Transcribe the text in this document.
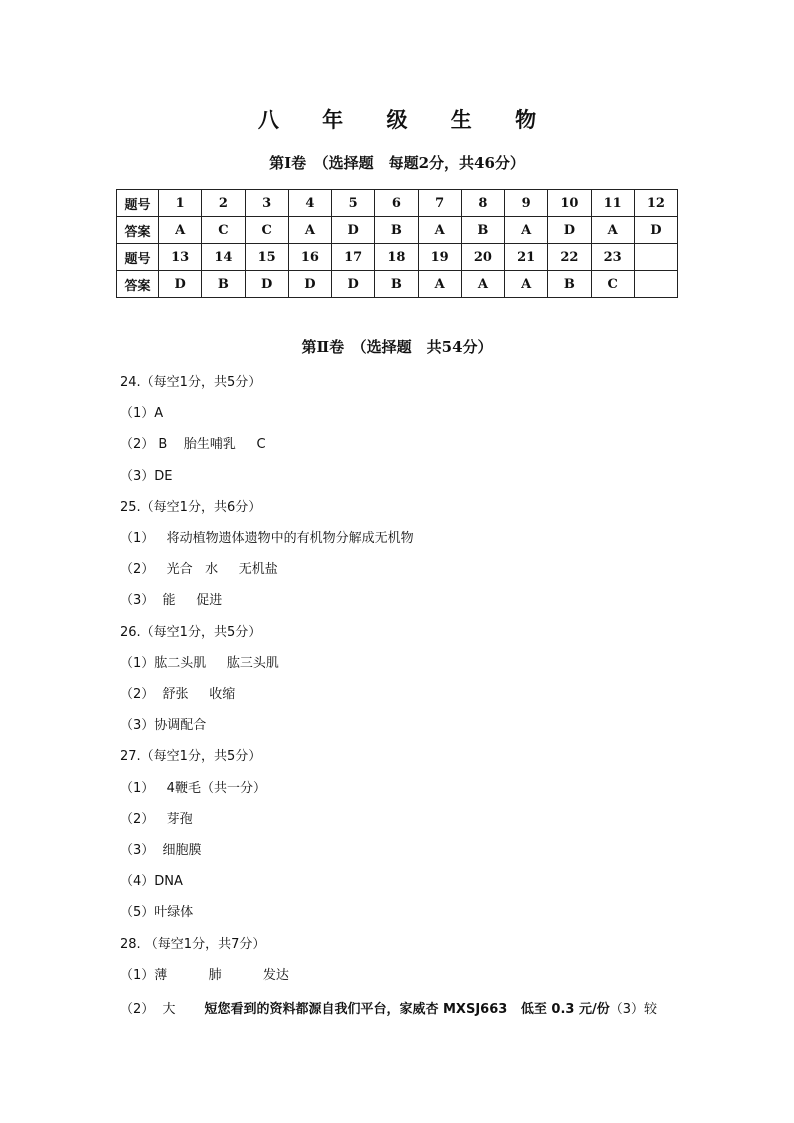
八 年 级 生 物
第Ⅰ卷　（选择题　每题2分，共46分）
题号	1	2	3	4	5	6	7	8	9	10	11	12
答案	A	C	C	A	D	B	A	B	A	D	A	D
题号	13	14	15	16	17	18	19	20	21	22	23	
答案	D	B	D	D	D	B	A	A	A	B	C	
第Ⅱ卷　（选择题　共54分）
24.（每空1分，共5分）
（1）A
（2） B    胎生哺乳     C
（3）DE
25.（每空1分，共6分）
（1）   将动植物遗体遗物中的有机物分解成无机物
（2）   光合   水     无机盐
（3）  能     促进
26.（每空1分，共5分）
（1）肱二头肌     肱三头肌
（2）  舒张     收缩
（3）协调配合
27.（每空1分，共5分）
（1）   4鞭毛（共一分）
（2）   芽孢
（3）  细胞膜
（4）DNA
（5）叶绿体
28. （每空1分，共7分）
（1）薄          肺          发达
（2）  大       短您看到的资料都源自我们平台，家威杏 MXSJ663   低至 0.3 元/份（3）较
